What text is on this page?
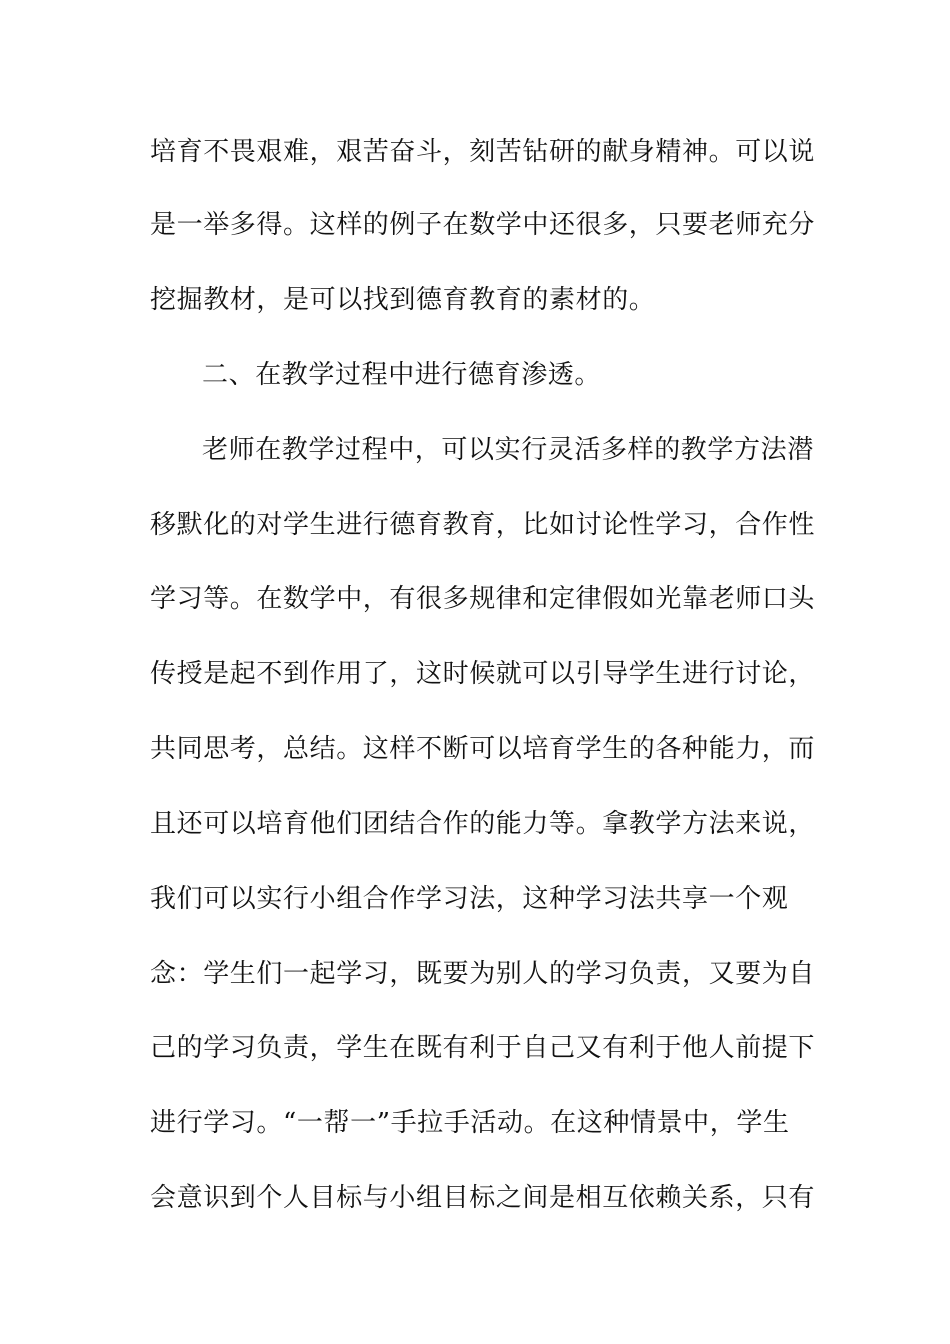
培育不畏艰难，艰苦奋斗，刻苦钻研的献身精神。可以说
是一举多得。这样的例子在数学中还很多，只要老师充分
挖掘教材，是可以找到德育教育的素材的。
二、在教学过程中进行德育渗透。
老师在教学过程中，可以实行灵活多样的教学方法潜
移默化的对学生进行德育教育，比如讨论性学习，合作性
学习等。在数学中，有很多规律和定律假如光靠老师口头
传授是起不到作用了，这时候就可以引导学生进行讨论，
共同思考，总结。这样不断可以培育学生的各种能力，而
且还可以培育他们团结合作的能力等。拿教学方法来说，
我们可以实行小组合作学习法，这种学习法共享一个观
念：学生们一起学习，既要为别人的学习负责，又要为自
己的学习负责，学生在既有利于自己又有利于他人前提下
进行学习。“一帮一”手拉手活动。在这种情景中，学生
会意识到个人目标与小组目标之间是相互依赖关系，只有
